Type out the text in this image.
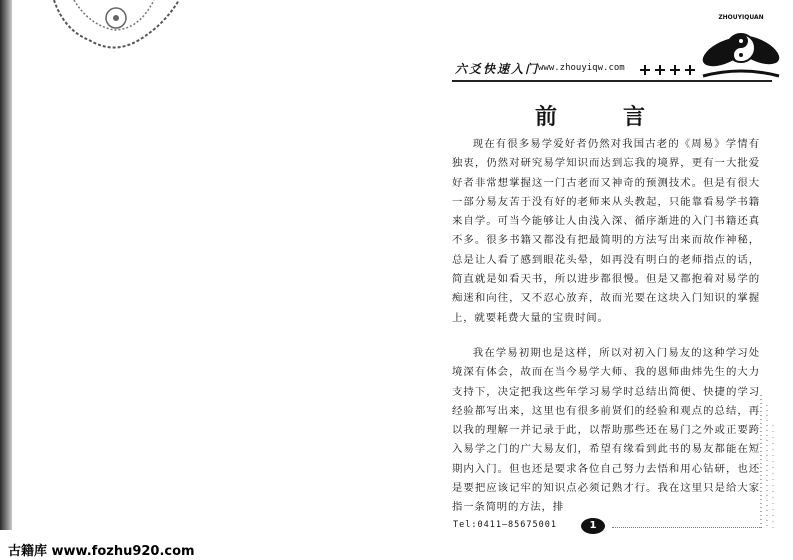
六爻快速入门
www.zhouyiqw.com
ZHOUYIQUAN
前	言

现在有很多易学爱好者仍然对我国古老的《周易》学情有独衷，仍然对研究易学知识而达到忘我的境界，更有一大批爱好者非常想掌握这一门古老而又神奇的预测技术。但是有很大一部分易友苦于没有好的老师来从头教起，只能靠看易学书籍来自学。可当今能够让人由浅入深、循序渐进的入门书籍还真不多。很多书籍又都没有把最简明的方法写出来而故作神秘，总是让人看了感到眼花头晕，如再没有明白的老师指点的话，简直就是如看天书，所以进步都很慢。但是又都抱着对易学的痴迷和向往，又不忍心放弃，故而光要在这块入门知识的掌握上，就要耗费大量的宝贵时间。

我在学易初期也是这样，所以对初入门易友的这种学习处境深有体会，故而在当今易学大师、我的恩师曲炜先生的大力支持下，决定把我这些年学习易学时总结出简便、快捷的学习经验都写出来，这里也有很多前贤们的经验和观点的总结，再以我的理解一并记录于此，以帮助那些还在易门之外或正要跨入易学之门的广大易友们，希望有缘看到此书的易友都能在短期内入门。但也还是要求各位自己努力去悟和用心钻研，也还是要把应该记牢的知识点必须记熟才行。我在这里只是给大家指一条简明的方法，排

Tel:0411—85675001	1
古籍库 www.fozhu920.com
